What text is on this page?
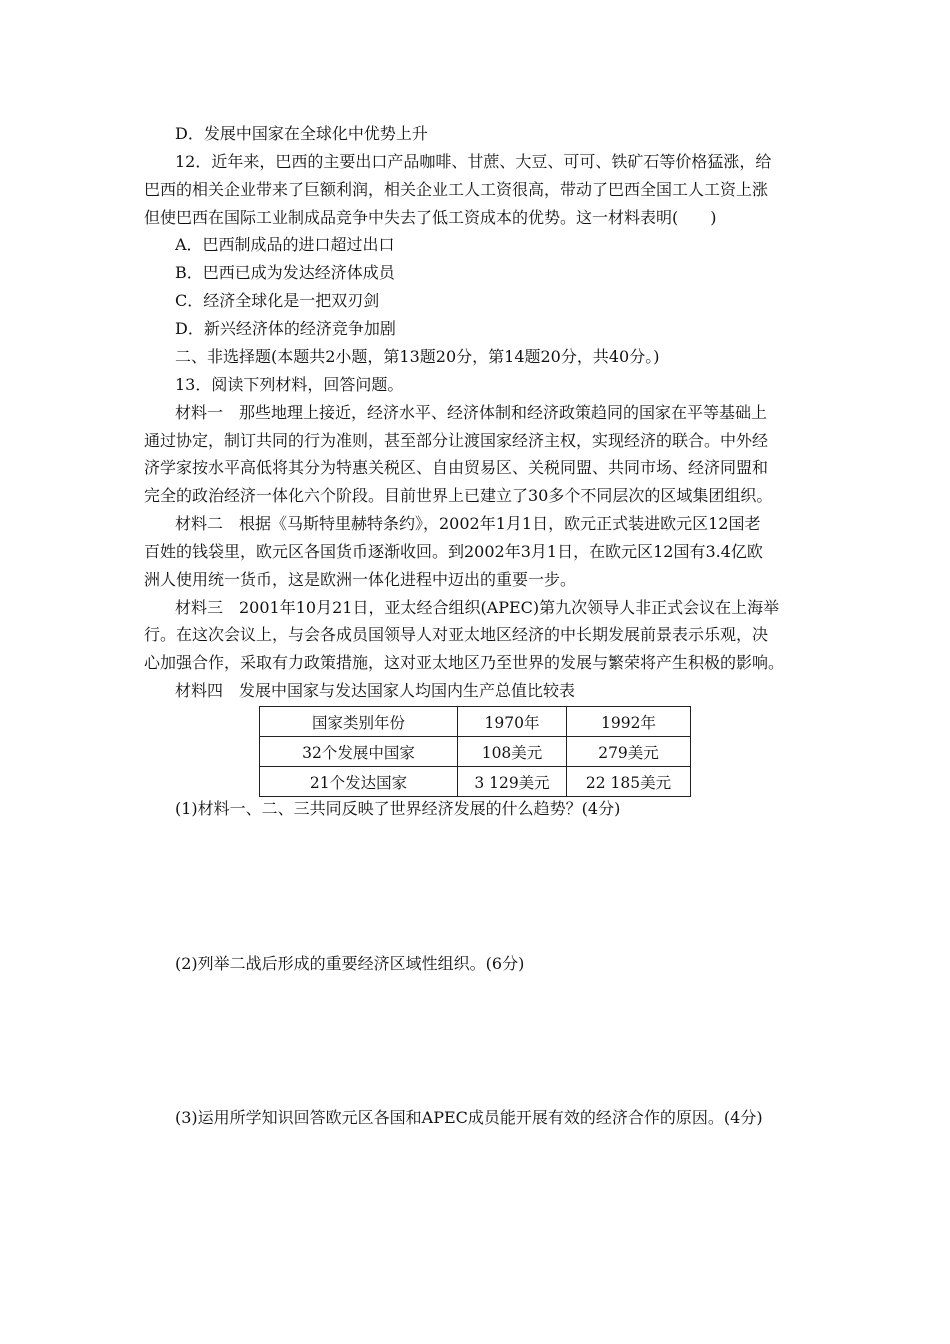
D．发展中国家在全球化中优势上升
12．近年来，巴西的主要出口产品咖啡、甘蔗、大豆、可可、铁矿石等价格猛涨，给
巴西的相关企业带来了巨额利润，相关企业工人工资很高，带动了巴西全国工人工资上涨
但使巴西在国际工业制成品竞争中失去了低工资成本的优势。这一材料表明(　　)
A．巴西制成品的进口超过出口
B．巴西已成为发达经济体成员
C．经济全球化是一把双刃剑
D．新兴经济体的经济竞争加剧
二、非选择题(本题共2小题，第13题20分，第14题20分，共40分。)
13．阅读下列材料，回答问题。
材料一　那些地理上接近，经济水平、经济体制和经济政策趋同的国家在平等基础上
通过协定，制订共同的行为准则，甚至部分让渡国家经济主权，实现经济的联合。中外经
济学家按水平高低将其分为特惠关税区、自由贸易区、关税同盟、共同市场、经济同盟和
完全的政治经济一体化六个阶段。目前世界上已建立了30多个不同层次的区域集团组织。
材料二　根据《马斯特里赫特条约》，2002年1月1日，欧元正式装进欧元区12国老
百姓的钱袋里，欧元区各国货币逐渐收回。到2002年3月1日，在欧元区12国有3.4亿欧
洲人使用统一货币，这是欧洲一体化进程中迈出的重要一步。
材料三　2001年10月21日，亚太经合组织(APEC)第九次领导人非正式会议在上海举
行。在这次会议上，与会各成员国领导人对亚太地区经济的中长期发展前景表示乐观，决
心加强合作，采取有力政策措施，这对亚太地区乃至世界的发展与繁荣将产生积极的影响。
材料四　发展中国家与发达国家人均国内生产总值比较表
国家类别年份	1970年	1992年
32个发展中国家	108美元	279美元
21个发达国家	3 129美元	22 185美元
(1)材料一、二、三共同反映了世界经济发展的什么趋势？(4分)
(2)列举二战后形成的重要经济区域性组织。(6分)
(3)运用所学知识回答欧元区各国和APEC成员能开展有效的经济合作的原因。(4分)
